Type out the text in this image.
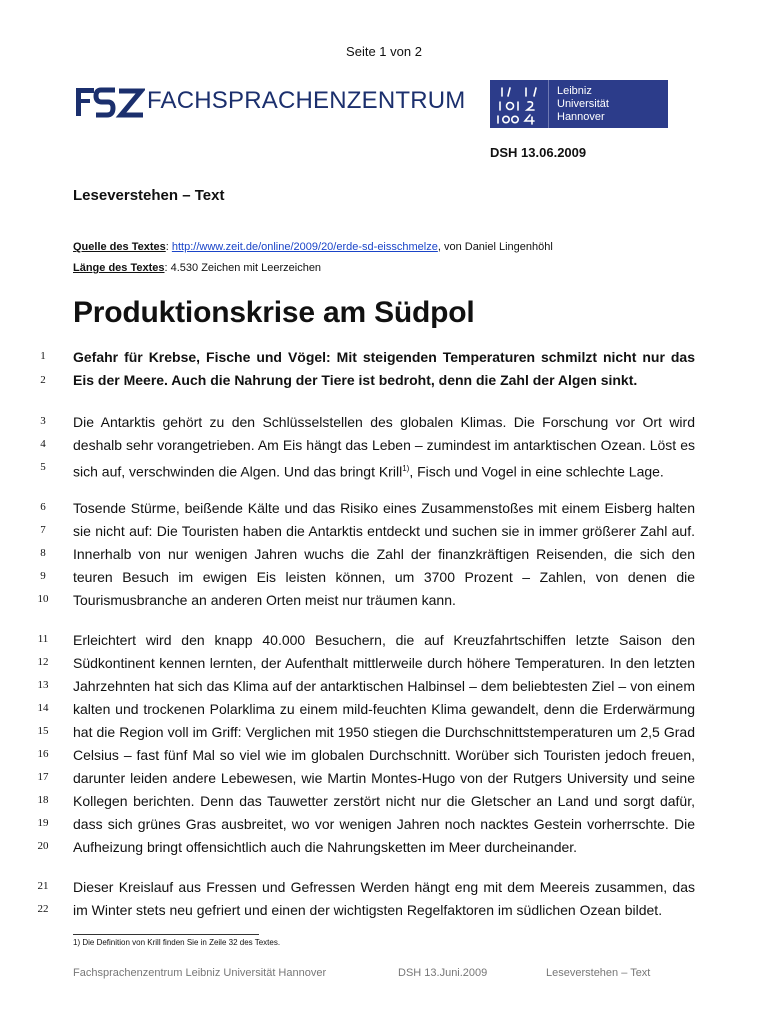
Seite 1 von 2
FACHSPRACHENZENTRUM	Leibniz
Universität
Hannover
DSH 13.06.2009
Leseverstehen – Text
Quelle des Textes: http://www.zeit.de/online/2009/20/erde-sd-eisschmelze, von Daniel Lingenhöhl
Länge des Textes: 4.530 Zeichen mit Leerzeichen
Produktionskrise am Südpol

Gefahr für Krebse, Fische und Vögel: Mit steigenden Temperaturen schmilzt nicht nur das Eis der Meere. Auch die Nahrung der Tiere ist bedroht, denn die Zahl der Algen sinkt.

Die Antarktis gehört zu den Schlüsselstellen des globalen Klimas. Die Forschung vor Ort wird deshalb sehr vorangetrieben. Am Eis hängt das Leben – zumindest im antarktischen Ozean. Löst es sich auf, verschwinden die Algen. Und das bringt Krill$^{1)}$, Fisch und Vogel in eine schlechte Lage.

Tosende Stürme, beißende Kälte und das Risiko eines Zusammenstoßes mit einem Eisberg halten sie nicht auf: Die Touristen haben die Antarktis entdeckt und suchen sie in immer größerer Zahl auf. Innerhalb von nur wenigen Jahren wuchs die Zahl der finanzkräftigen Reisenden, die sich den teuren Besuch im ewigen Eis leisten können, um 3700 Prozent – Zahlen, von denen die Tourismusbranche an anderen Orten meist nur träumen kann.

Erleichtert wird den knapp 40.000 Besuchern, die auf Kreuzfahrtschiffen letzte Saison den Südkontinent kennen lernten, der Aufenthalt mittlerweile durch höhere Temperaturen. In den letzten Jahrzehnten hat sich das Klima auf der antarktischen Halbinsel – dem beliebtesten Ziel – von einem kalten und trockenen Polarklima zu einem mild-feuchten Klima gewandelt, denn die Erderwärmung hat die Region voll im Griff: Verglichen mit 1950 stiegen die Durchschnittstemperaturen um 2,5 Grad Celsius – fast fünf Mal so viel wie im globalen Durchschnitt. Worüber sich Touristen jedoch freuen, darunter leiden andere Lebewesen, wie Martin Montes-Hugo von der Rutgers University und seine Kollegen berichten. Denn das Tauwetter zerstört nicht nur die Gletscher an Land und sorgt dafür, dass sich grünes Gras ausbreitet, wo vor wenigen Jahren noch nacktes Gestein vorherrschte. Die Aufheizung bringt offensichtlich auch die Nahrungsketten im Meer durcheinander.

Dieser Kreislauf aus Fressen und Gefressen Werden hängt eng mit dem Meereis zusammen, das im Winter stets neu gefriert und einen der wichtigsten Regelfaktoren im südlichen Ozean bildet.

1
2
3
4
5
6
7
8
9
10
11
12
13
14
15
16
17
18
19
20
21
22
1) Die Definition von Krill finden Sie in Zeile 32 des Textes.
Fachsprachenzentrum Leibniz Universität Hannover	DSH 13.Juni.2009	Leseverstehen – Text
